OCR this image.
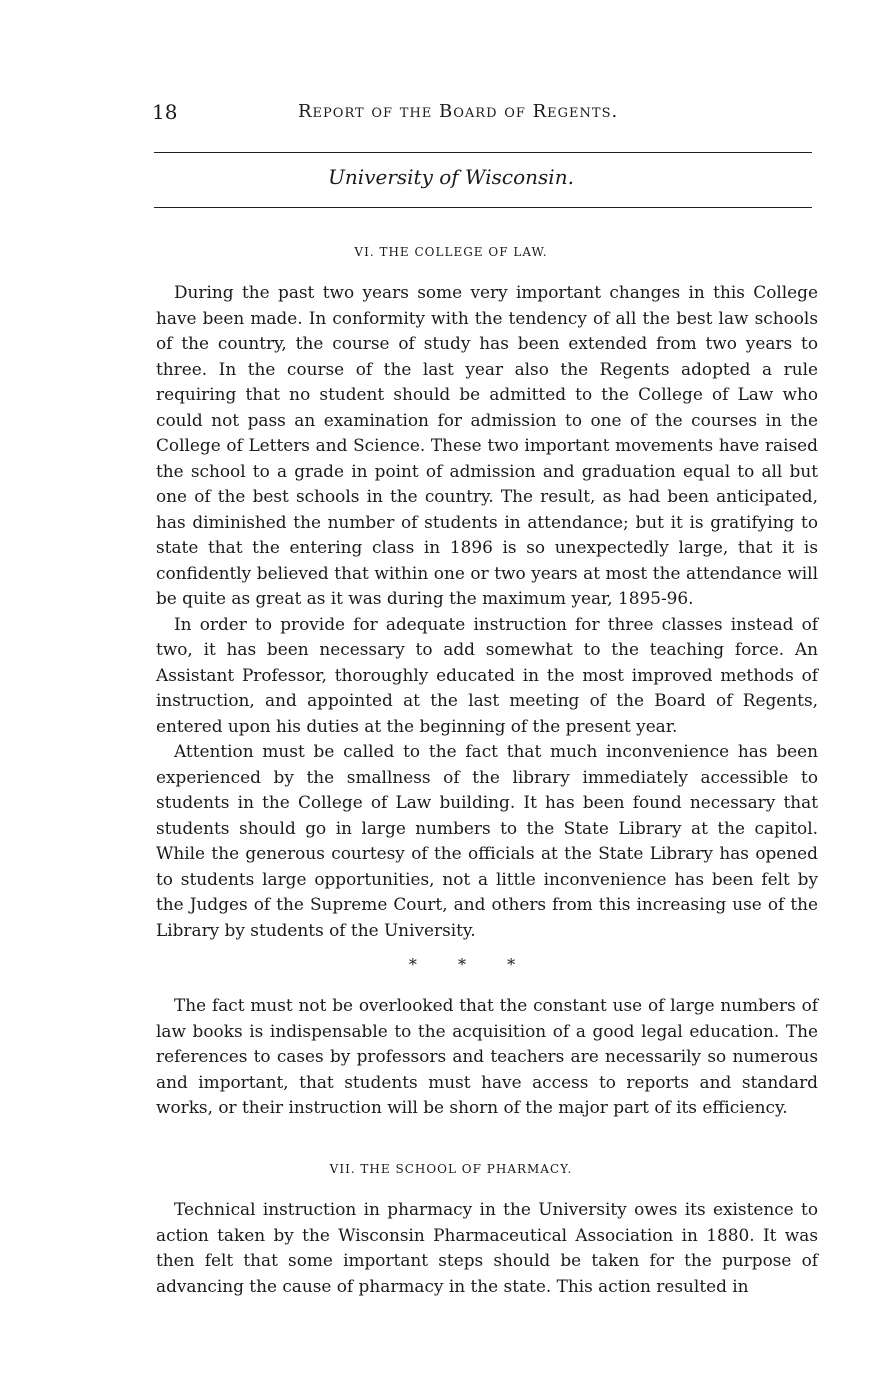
18	Report of the Board of Regents.
University of Wisconsin.
VI. THE COLLEGE OF LAW.

During the past two years some very important changes in this College have been made. In conformity with the tendency of all the best law schools of the country, the course of study has been extended from two years to three. In the course of the last year also the Regents adopted a rule requiring that no student should be admitted to the College of Law who could not pass an examination for admission to one of the courses in the College of Letters and Science. These two important movements have raised the school to a grade in point of admission and graduation equal to all but one of the best schools in the country. The result, as had been anticipated, has diminished the number of students in attendance; but it is gratifying to state that the entering class in 1896 is so unexpectedly large, that it is confidently believed that within one or two years at most the attendance will be quite as great as it was during the maximum year, 1895-96.

In order to provide for adequate instruction for three classes instead of two, it has been necessary to add somewhat to the teaching force. An Assistant Professor, thoroughly educated in the most improved methods of instruction, and appointed at the last meeting of the Board of Regents, entered upon his duties at the beginning of the present year.

Attention must be called to the fact that much inconvenience has been experienced by the smallness of the library immediately accessible to students in the College of Law building. It has been found necessary that students should go in large numbers to the State Library at the capitol. While the generous courtesy of the officials at the State Library has opened to students large opportunities, not a little inconvenience has been felt by the Judges of the Supreme Court, and others from this increasing use of the Library by students of the University.

* * *

The fact must not be overlooked that the constant use of large numbers of law books is indispensable to the acquisition of a good legal education. The references to cases by professors and teachers are necessarily so numerous and important, that students must have access to reports and standard works, or their instruction will be shorn of the major part of its efficiency.

VII. THE SCHOOL OF PHARMACY.

Technical instruction in pharmacy in the University owes its existence to action taken by the Wisconsin Pharmaceutical Association in 1880. It was then felt that some important steps should be taken for the purpose of advancing the cause of pharmacy in the state. This action resulted in
